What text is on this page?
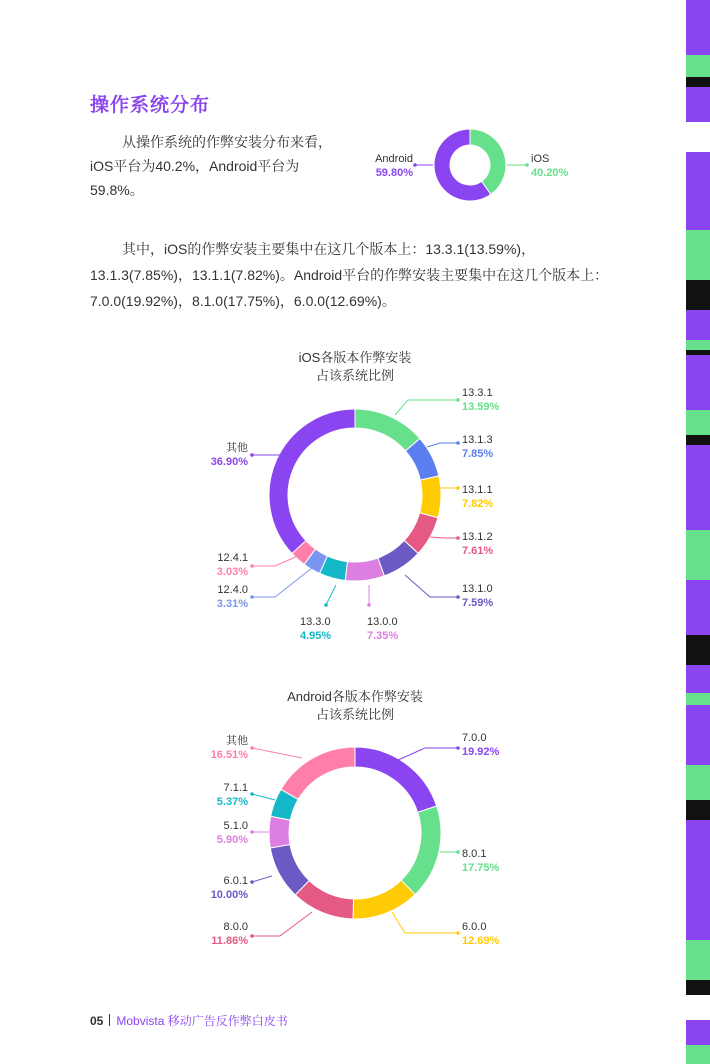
操作系统分布
从操作系统的作弊安装分布来看，iOS平台为40.2%，Android平台为59.8%。
其中，iOS的作弊安装主要集中在这几个版本上：13.3.1(13.59%)，13.1.3(7.85%)，13.1.1(7.82%)。Android平台的作弊安装主要集中在这几个版本上：7.0.0(19.92%)，8.1.0(17.75%)，6.0.0(12.69%)。
iOS
40.20%
Android
59.80%
iOS各版本作弊安装
占该系统比例
13.3.1
13.59%
13.1.3
7.85%
13.1.1
7.82%
13.1.2
7.61%
13.1.0
7.59%
13.0.0
7.35%
13.3.0
4.95%
12.4.0
3.31%
12.4.1
3.03%
其他
36.90%
Android各版本作弊安装
占该系统比例
7.0.0
19.92%
8.0.1
17.75%
6.0.0
12.69%
8.0.0
11.86%
6.0.1
10.00%
5.1.0
5.90%
7.1.1
5.37%
其他
16.51%
05 Mobvista 移动广告反作弊白皮书
